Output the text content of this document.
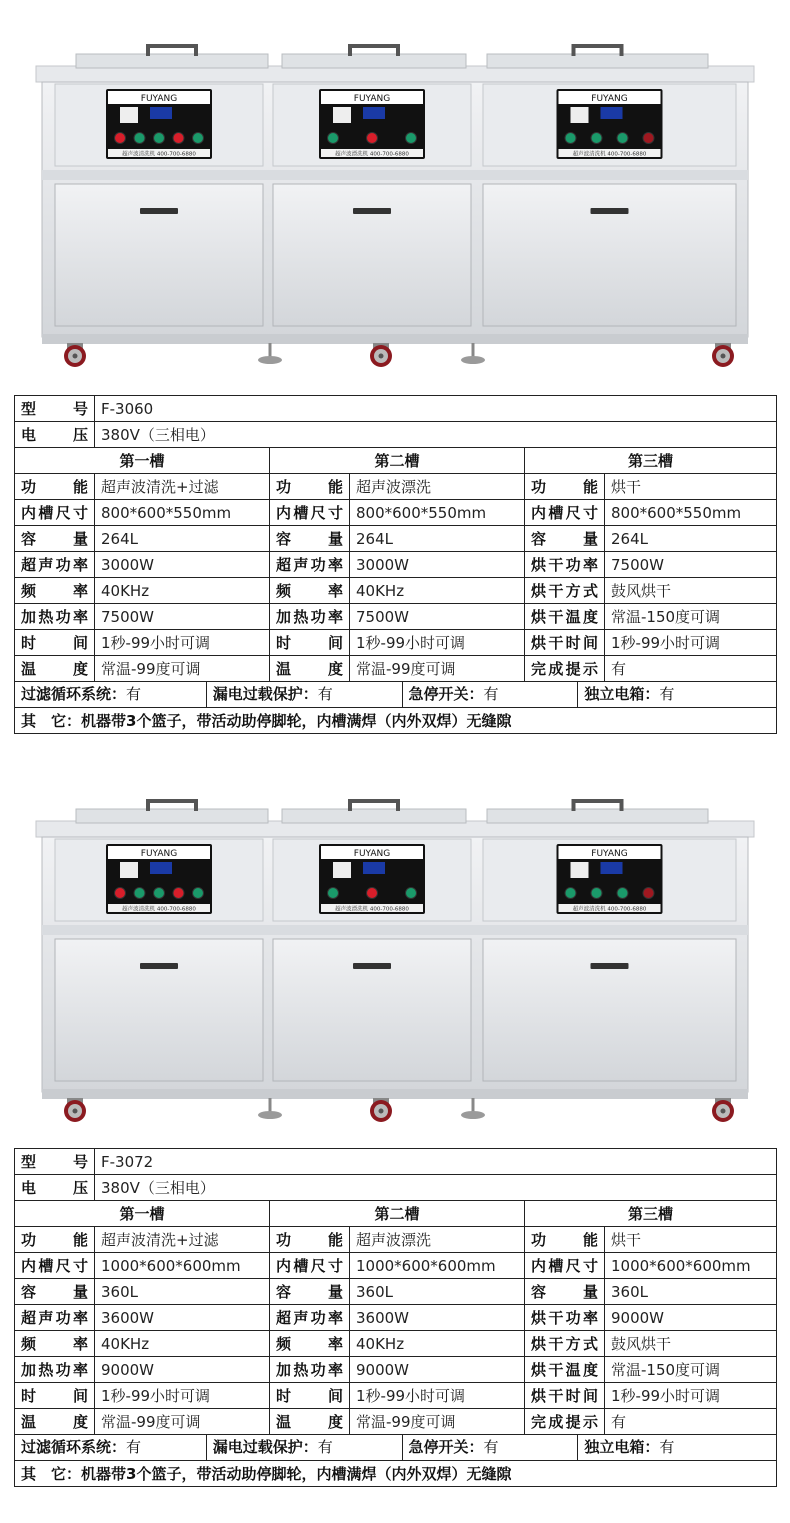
FUYANG
超声波清洗机 400-700-6880
FUYANG
超声波漂洗机 400-700-6880
FUYANG
超声波清洗机 400-700-6880
型号	F-3060				
电压	380V（三相电）				
第一槽		第二槽		第三槽	
功能	超声波清洗+过滤	功能	超声波漂洗	功能	烘干
内槽尺寸	800*600*550mm	内槽尺寸	800*600*550mm	内槽尺寸	800*600*550mm
容量	264L	容量	264L	容量	264L
超声功率	3000W	超声功率	3000W	烘干功率	7500W
频率	40KHz	频率	40KHz	烘干方式	鼓风烘干
加热功率	7500W	加热功率	7500W	烘干温度	常温-150度可调
时间	1秒-99小时可调	时间	1秒-99小时可调	烘干时间	1秒-99小时可调
温度	常温-99度可调	温度	常温-99度可调	完成提示	有

过滤循环系统：有 漏电过载保护：有 急停开关：有 独立电箱：有					

其　它：机器带3个篮子，带活动助停脚轮，内槽满焊（内外双焊）无缝隙					
FUYANG
超声波清洗机 400-700-6880
FUYANG
超声波漂洗机 400-700-6880
FUYANG
超声波清洗机 400-700-6880
型号	F-3072				
电压	380V（三相电）				
第一槽		第二槽		第三槽	
功能	超声波清洗+过滤	功能	超声波漂洗	功能	烘干
内槽尺寸	1000*600*600mm	内槽尺寸	1000*600*600mm	内槽尺寸	1000*600*600mm
容量	360L	容量	360L	容量	360L
超声功率	3600W	超声功率	3600W	烘干功率	9000W
频率	40KHz	频率	40KHz	烘干方式	鼓风烘干
加热功率	9000W	加热功率	9000W	烘干温度	常温-150度可调
时间	1秒-99小时可调	时间	1秒-99小时可调	烘干时间	1秒-99小时可调
温度	常温-99度可调	温度	常温-99度可调	完成提示	有

过滤循环系统：有 漏电过载保护：有 急停开关：有 独立电箱：有					

其　它：机器带3个篮子，带活动助停脚轮，内槽满焊（内外双焊）无缝隙					
